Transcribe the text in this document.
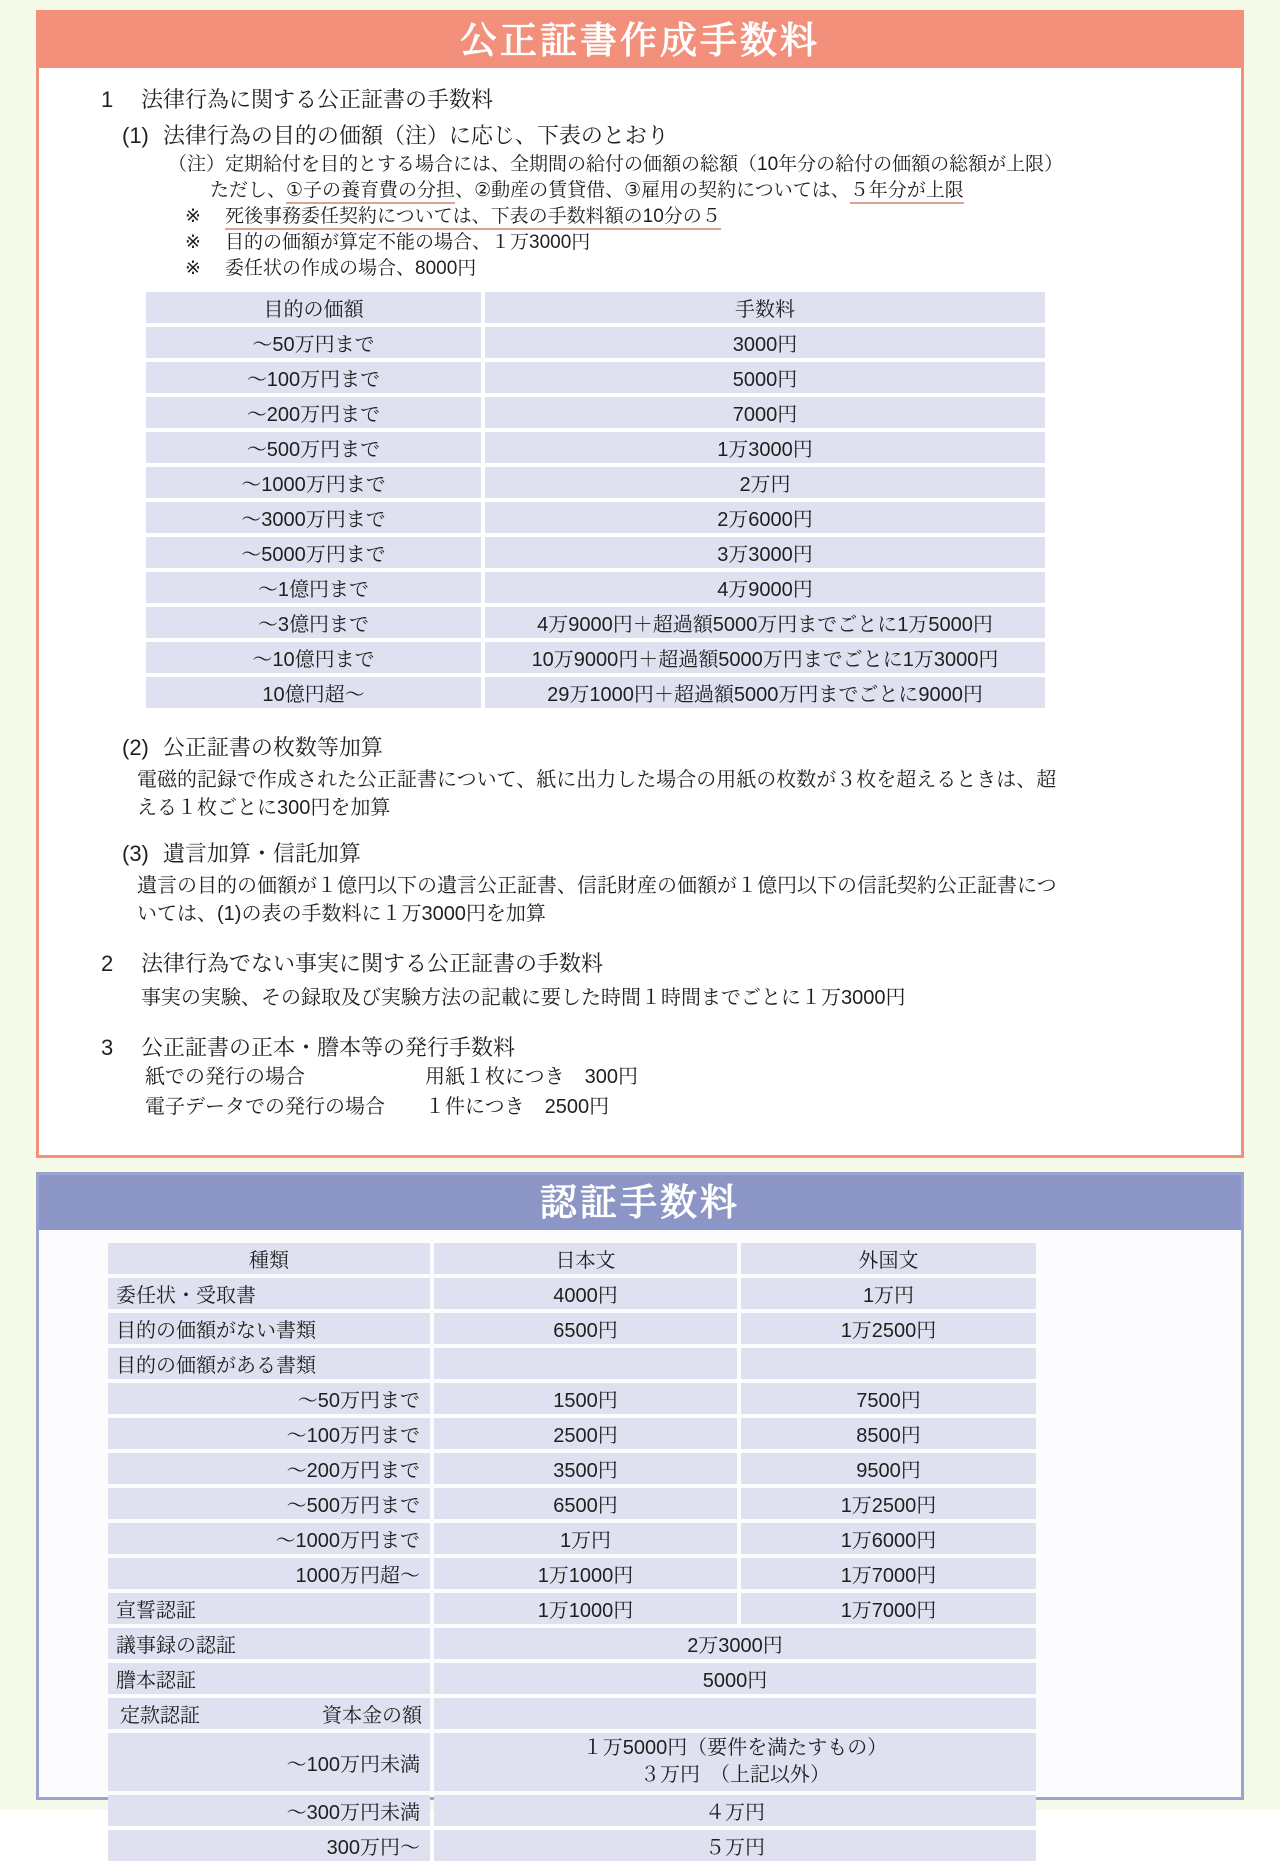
公正証書作成手数料
1 法律行為に関する公正証書の手数料
(1) 法律行為の目的の価額（注）に応じ、下表のとおり
（注）定期給付を目的とする場合には、全期間の給付の価額の総額（10年分の給付の価額の総額が上限）
ただし、①子の養育費の分担、②動産の賃貸借、③雇用の契約については、５年分が上限
※ 死後事務委任契約については、下表の手数料額の10分の５
※ 目的の価額が算定不能の場合、１万3000円
※ 委任状の作成の場合、8000円
目的の価額	手数料
～50万円まで	3000円
～100万円まで	5000円
～200万円まで	7000円
～500万円まで	1万3000円
～1000万円まで	2万円
～3000万円まで	2万6000円
～5000万円まで	3万3000円
～1億円まで	4万9000円
～3億円まで	4万9000円＋超過額5000万円までごとに1万5000円
～10億円まで	10万9000円＋超過額5000万円までごとに1万3000円
10億円超～	29万1000円＋超過額5000万円までごとに9000円
(2) 公正証書の枚数等加算
電磁的記録で作成された公正証書について、紙に出力した場合の用紙の枚数が３枚を超えるときは、超える１枚ごとに300円を加算
(3) 遺言加算・信託加算
遺言の目的の価額が１億円以下の遺言公正証書、信託財産の価額が１億円以下の信託契約公正証書については、(1)の表の手数料に１万3000円を加算
2 法律行為でない事実に関する公正証書の手数料
事実の実験、その録取及び実験方法の記載に要した時間１時間までごとに１万3000円
3 公正証書の正本・謄本等の発行手数料
紙での発行の場合	用紙１枚につき　300円
電子データでの発行の場合	１件につき　2500円
認証手数料
種類	日本文	外国文
委任状・受取書	4000円	1万円
目的の価額がない書類	6500円	1万2500円
目的の価額がある書類		
～50万円まで	1500円	7500円
～100万円まで	2500円	8500円
～200万円まで	3500円	9500円
～500万円まで	6500円	1万2500円
～1000万円まで	1万円	1万6000円
1000万円超～	1万1000円	1万7000円
宣誓認証	1万1000円	1万7000円
議事録の認証	2万3000円	
謄本認証	5000円	

定款認証 資本金の額		

～100万円未満	１万5000円（要件を満たすもの）
３万円　（上記以外）	

～300万円未満	４万円	
300万円～	５万円	
